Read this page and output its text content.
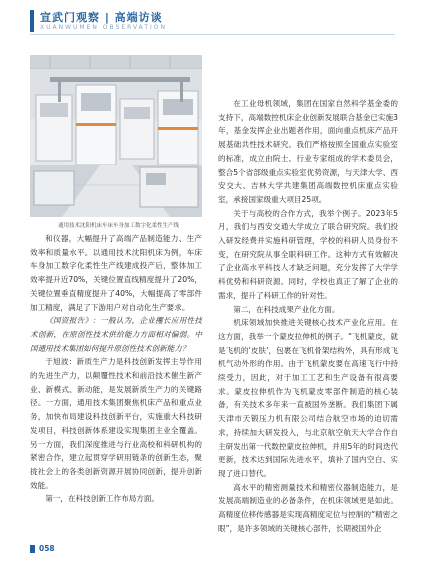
宣武门观察 | 高端访谈
XUANWUMEN OBSERVATION
通用技术沈阳机床车床车身加工数字化柔性生产线

和仪器，大幅提升了高端产品制造能力、生产效率和质量水平。以通用技术沈阳机床为例，车床车身加工数字化柔性生产线建成投产后，整体加工效率提升近70%，关键位置直线精度提升了20%，关键位置垂直精度提升了40%，大幅提高了零部件加工精度，满足了下游用户对自动化生产要求。

《国资报告》：一般认为，企业攫长应用性技术创新，在原创性技术供给能力方面相对偏弱。中国通用技术集团如何提升原创性技术创新能力？

于旭波：新质生产力是科技创新发挥主导作用的先进生产力，以颠覆性技术和前沿技术催生新产业、新模式、新动能，是发展新质生产力的关键路径。一方面，通用技术集团聚焦机床产品和重点业务，加快布局建设科技创新平台，实施重大科技研发项目，科技创新体系建设实现集团主业全覆盖。另一方面，我们深度推进与行业高校和科研机构的紧密合作，建立起贯穿学研用链条的创新生态，聚拢社会上的各类创新资源开展协同创新，提升创新效能。

第一，在科技创新工作布局方面。

在工业母机领域，集团在国家自然科学基金委的支持下，高端数控机床企业创新发展联合基金已实施3年，基金发挥企业出题者作用，面向重点机床产品开展基础共性技术研究。我们严格按照全国重点实验室的标准，成立由院士、行业专家组成的学术委员会，整合5个省部级重点实验室优势资源，与天津大学、西安交大、吉林大学共建集团高端数控机床重点实验室，承接国家级重大项目25项。

关于与高校的合作方式，我举个例子。2023年5月，我们与西安交通大学成立了联合研究院。我们投入研发经费并实施科研管理，学校的科研人员身份不变，在研究院从事全职科研工作。这种方式有效解决了企业高水平科技人才缺乏问题，充分发挥了大学学科优势和科研资源。同时，学校也真正了解了企业的需求，提升了科研工作的针对性。

第二，在科技成果产业化方面。

机床领域加快推进关键核心技术产业化应用。在这方面，我举一个蒙皮拉伸机的例子。“飞机蒙皮，就是飞机的‘皮肤’，包裹在飞机骨架结构外，具有形成飞机气动外形的作用。由于飞机蒙皮要在高速飞行中持续受力，因此，对于加工工艺和生产设备有很高要求。蒙皮拉伸机作为飞机蒙皮零部件制造的核心装备，有关技术多年来一直被国外垄断。我们集团下属天津市天锻压力机有限公司结合航空市场的迫切需求，持续加大研发投入，与北京航空航天大学合作自主研发出第一代数控蒙皮拉伸机，并用5年的时间迭代更新，技术达到国际先进水平，填补了国内空白、实现了进口替代。

高水平的精密测量技术和精密仪器制造能力，是发展高端制造业的必备条件，在机床领域更是如此。高精度位移传感器是实现高精度定位与控制的“精密之眼”，是许多领域的关键核心部件，长期被国外企

058
